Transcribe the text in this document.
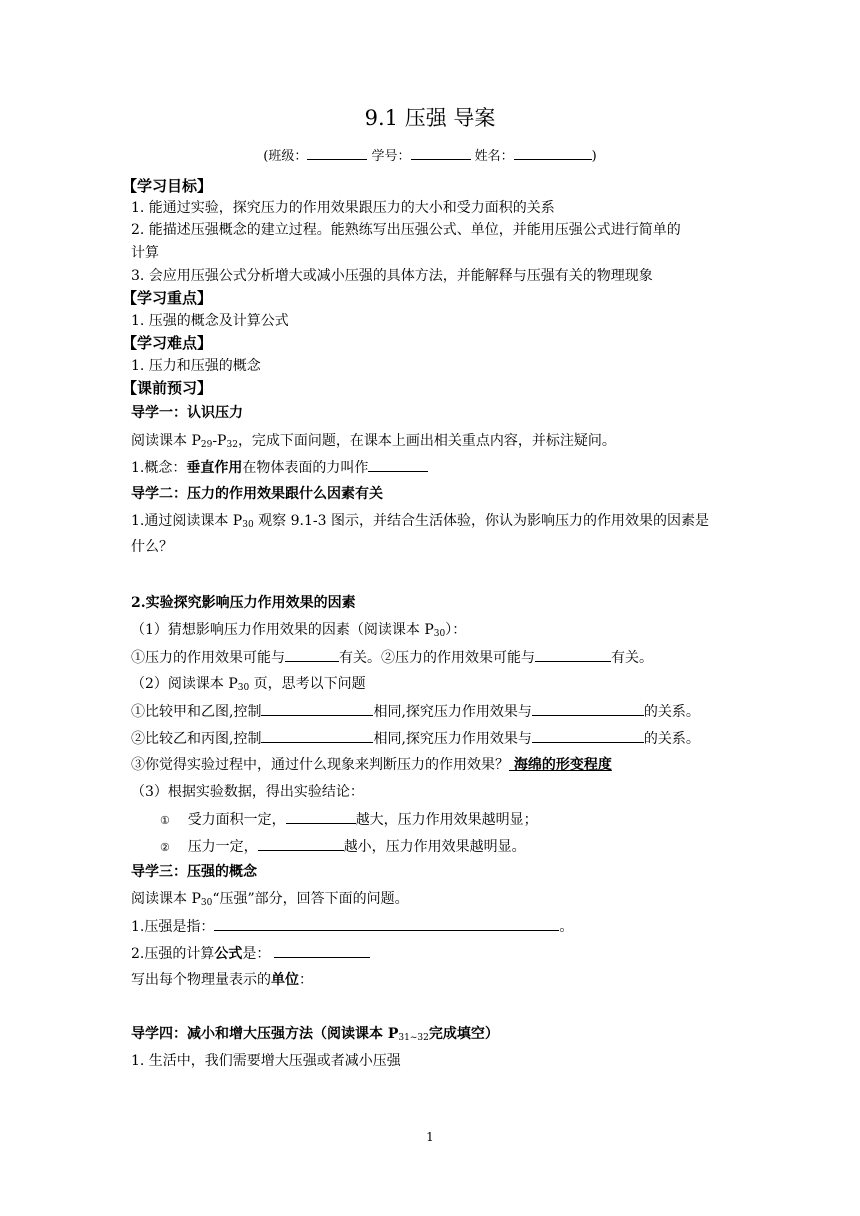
9.1 压强 导案
(班级：	学号：	姓名：	)
【学习目标】
1. 能通过实验，探究压力的作用效果跟压力的大小和受力面积的关系
2. 能描述压强概念的建立过程。能熟练写出压强公式、单位，并能用压强公式进行简单的
计算
3. 会应用压强公式分析增大或减小压强的具体方法，并能解释与压强有关的物理现象
【学习重点】
1. 压强的概念及计算公式
【学习难点】
1. 压力和压强的概念
【课前预习】
导学一：认识压力
阅读课本 $P_{29}-P_{32}$，完成下面问题，在课本上画出相关重点内容，并标注疑问。
1.概念：垂直作用在物体表面的力叫作
导学二：压力的作用效果跟什么因素有关
1.通过阅读课本 $P_{30}$ 观察 9.1-3 图示，并结合生活体验，你认为影响压力的作用效果的因素是
什么？
2.实验探究影响压力作用效果的因素
（1）猜想影响压力作用效果的因素（阅读课本 $P_{30}$）：
①压力的作用效果可能与	有关。②压力的作用效果可能与	有关。
（2）阅读课本 $P_{30}$ 页，思考以下问题
①比较甲和乙图,控制	相同,探究压力作用效果与	的关系。
②比较乙和丙图,控制	相同,探究压力作用效果与	的关系。
③你觉得实验过程中，通过什么现象来判断压力的作用效果？ 海绵的形变程度
（3）根据实验数据，得出实验结论：
① 受力面积一定，	越大，压力作用效果越明显；
② 压力一定，	越小，压力作用效果越明显。
导学三：压强的概念
阅读课本 $P_{30}“$压强”部分，回答下面的问题。
1.压强是指：	。
2.压强的计算公式是：
写出每个物理量表示的单位：
导学四：减小和增大压强方法（阅读课本 $P_{31\sim 32}$完成填空）
1. 生活中，我们需要增大压强或者减小压强
1
